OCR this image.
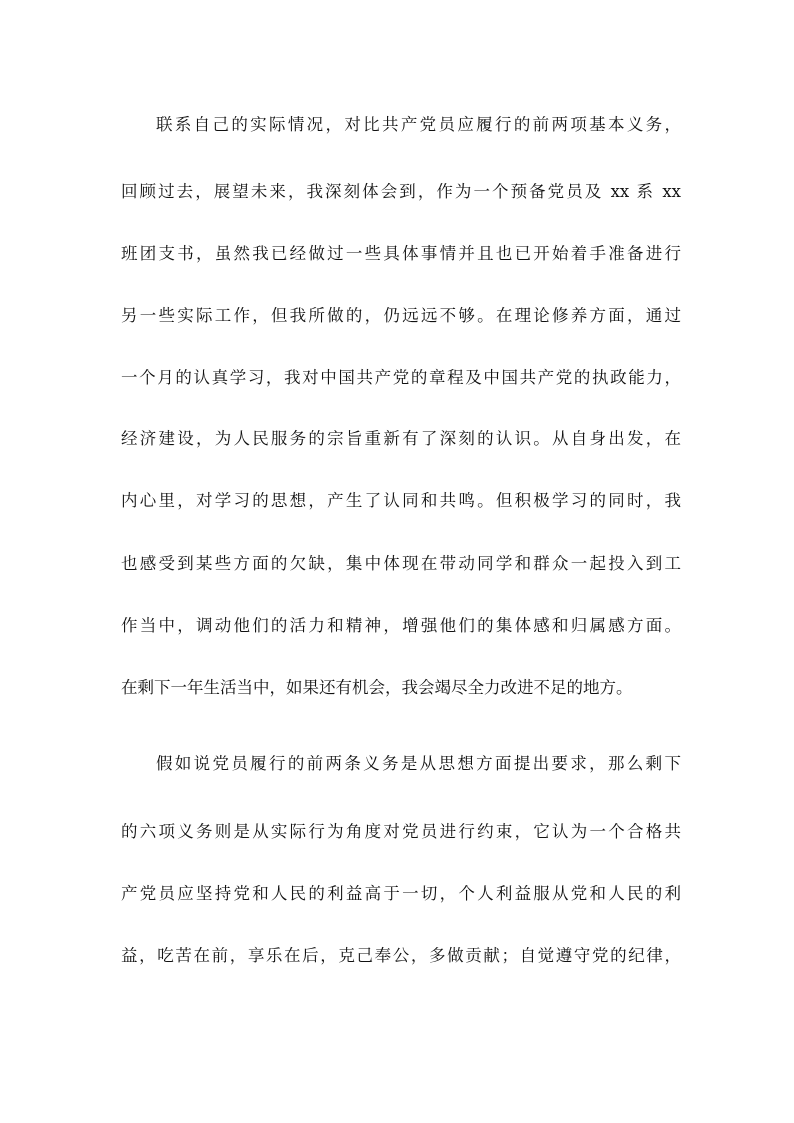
联系自己的实际情况，对比共产党员应履行的前两项基本义务，
回顾过去，展望未来，我深刻体会到，作为一个预备党员及 xx 系 xx
班团支书，虽然我已经做过一些具体事情并且也已开始着手准备进行
另一些实际工作，但我所做的，仍远远不够。在理论修养方面，通过
一个月的认真学习，我对中国共产党的章程及中国共产党的执政能力，
经济建设，为人民服务的宗旨重新有了深刻的认识。从自身出发，在
内心里，对学习的思想，产生了认同和共鸣。但积极学习的同时，我
也感受到某些方面的欠缺，集中体现在带动同学和群众一起投入到工
作当中，调动他们的活力和精神，增强他们的集体感和归属感方面。
在剩下一年生活当中，如果还有机会，我会竭尽全力改进不足的地方。
假如说党员履行的前两条义务是从思想方面提出要求，那么剩下
的六项义务则是从实际行为角度对党员进行约束，它认为一个合格共
产党员应坚持党和人民的利益高于一切，个人利益服从党和人民的利
益，吃苦在前，享乐在后，克己奉公，多做贡献；自觉遵守党的纪律，
